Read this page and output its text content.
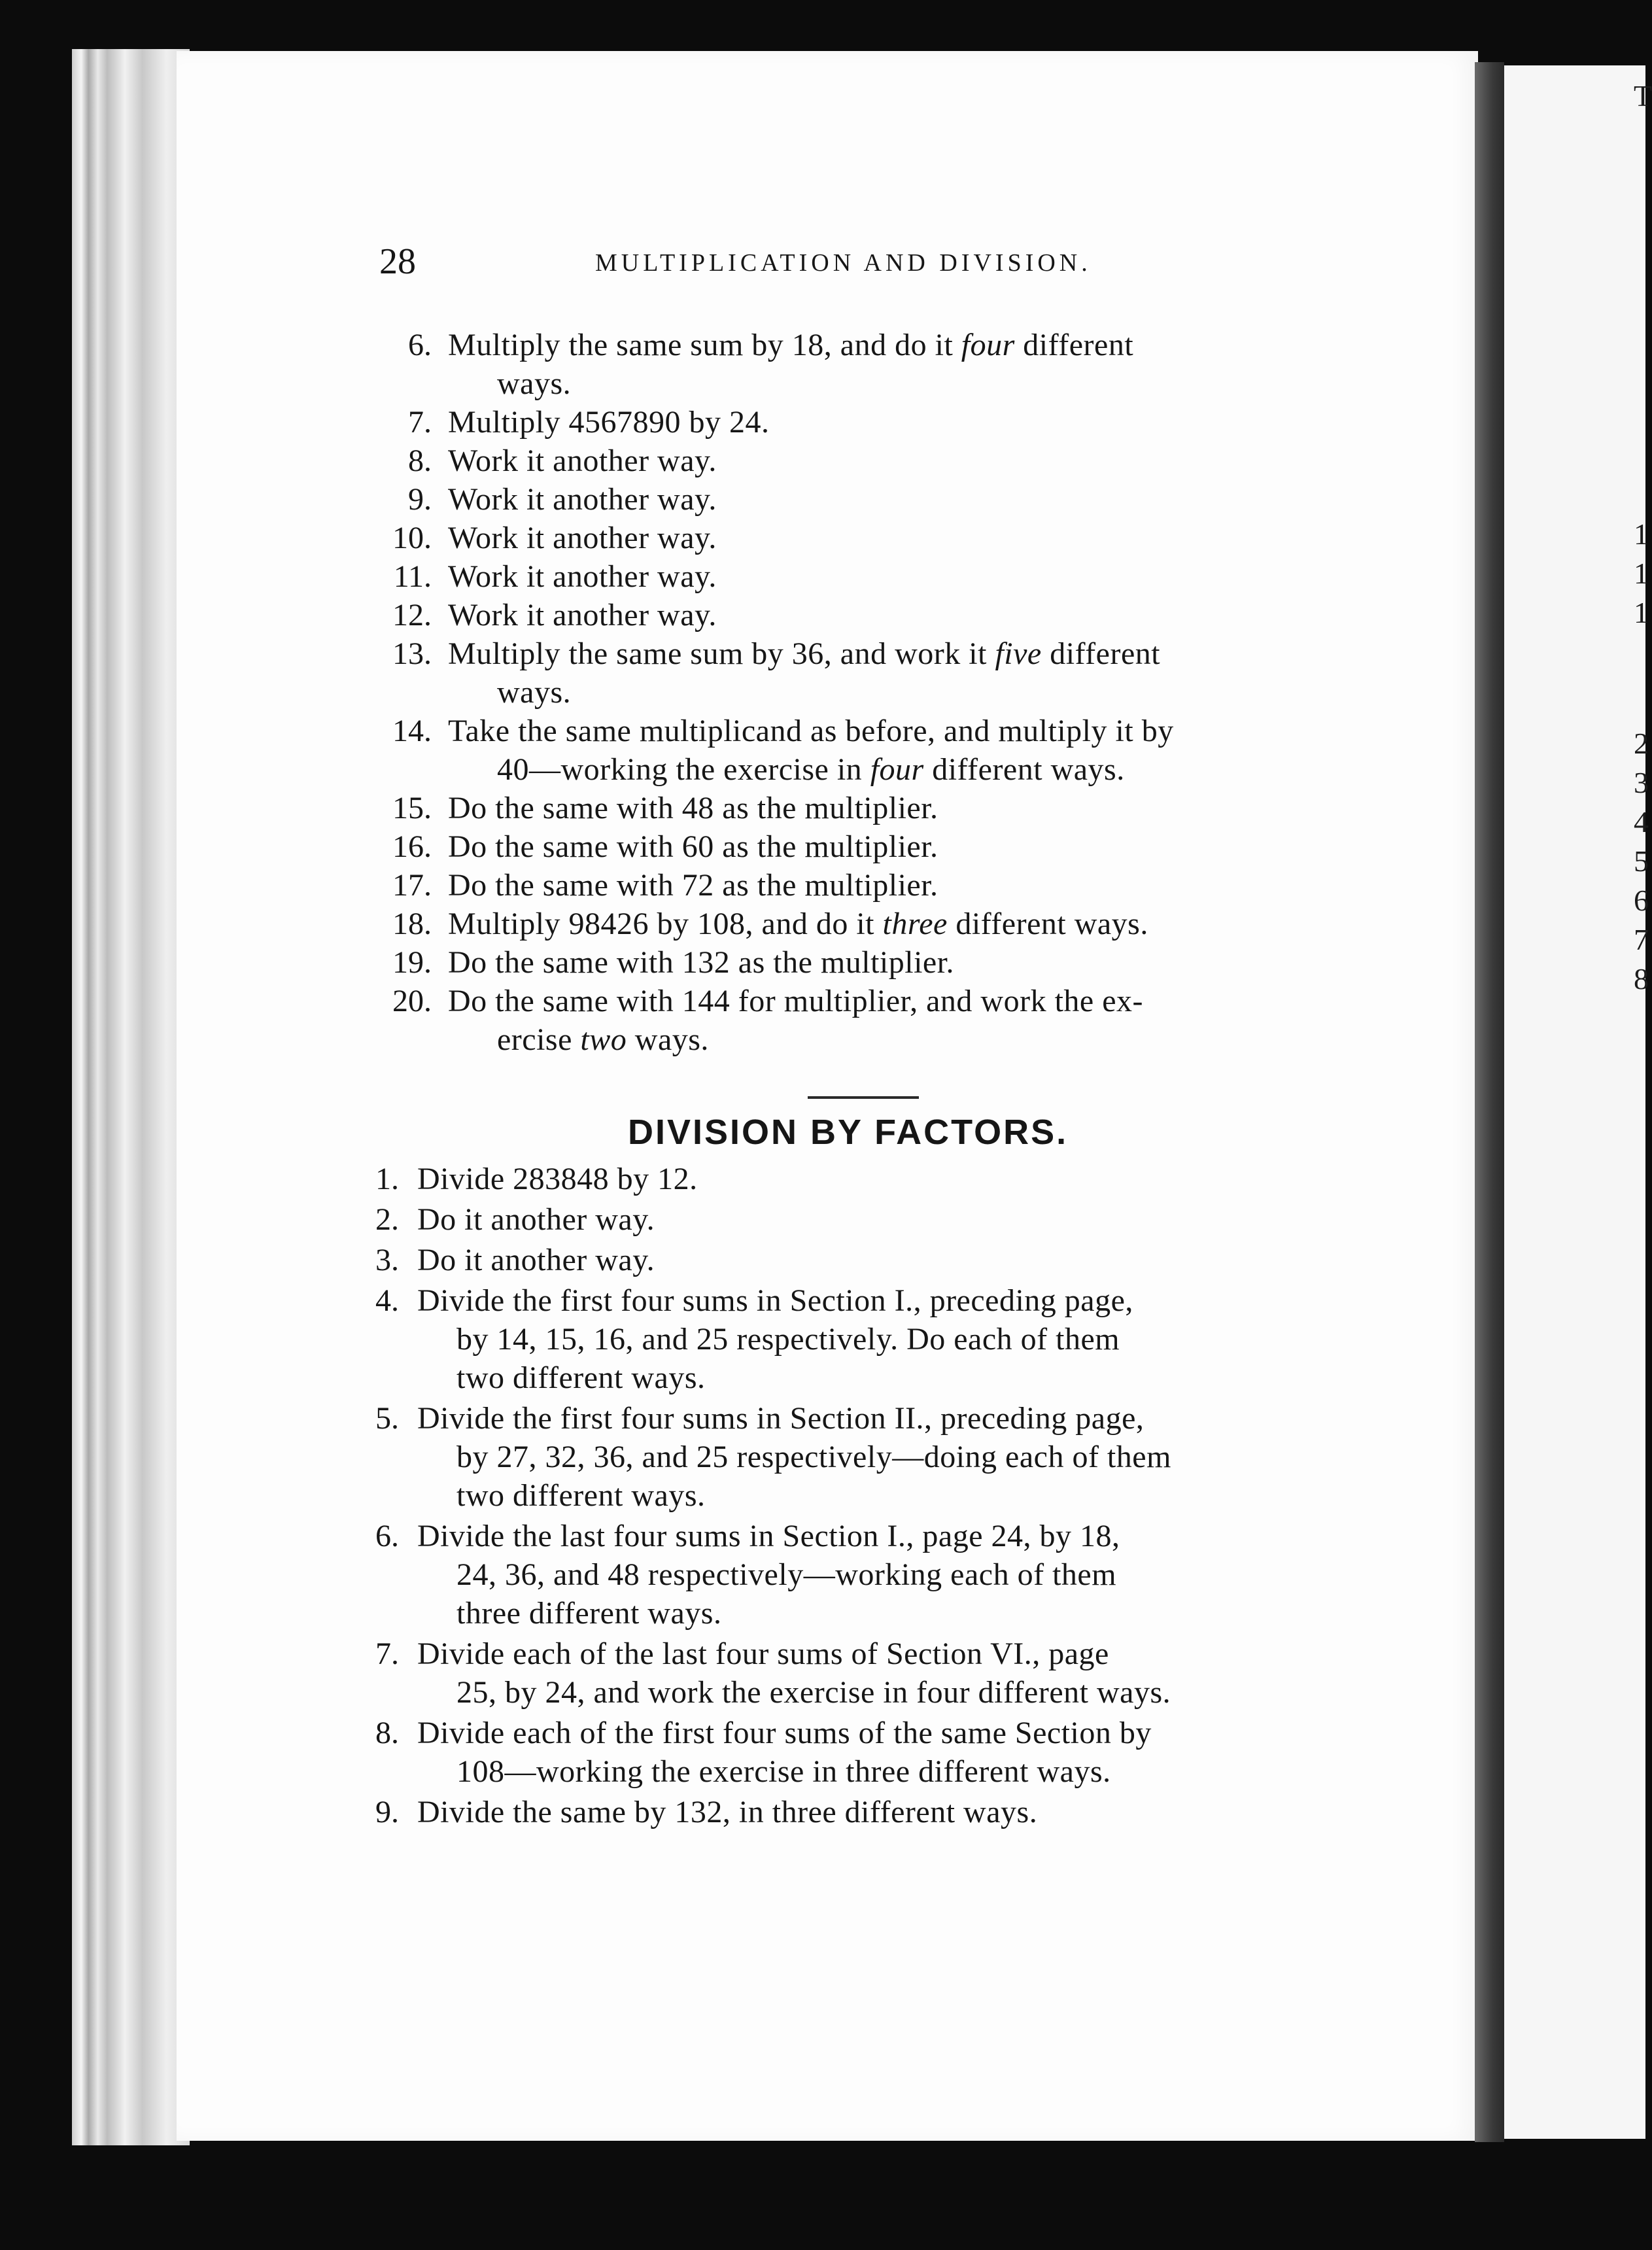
T
1
1
1
2
3
4
5
6
7
8
28	MULTIPLICATION AND DIVISION.
6. Multiply the same sum by 18, and do it four different
ways.
7. Multiply 4567890 by 24.
8. Work it another way.
9. Work it another way.
10. Work it another way.
11. Work it another way.
12. Work it another way.
13. Multiply the same sum by 36, and work it five different
ways.
14. Take the same multiplicand as before, and multiply it by
40—working the exercise in four different ways.
15. Do the same with 48 as the multiplier.
16. Do the same with 60 as the multiplier.
17. Do the same with 72 as the multiplier.
18. Multiply 98426 by 108, and do it three different ways.
19. Do the same with 132 as the multiplier.
20. Do the same with 144 for multiplier, and work the ex-
ercise two ways.
DIVISION BY FACTORS.
1. Divide 283848 by 12.
2. Do it another way.
3. Do it another way.
4. Divide the first four sums in Section I., preceding page,
by 14, 15, 16, and 25 respectively. Do each of them
two different ways.
5. Divide the first four sums in Section II., preceding page,
by 27, 32, 36, and 25 respectively—doing each of them
two different ways.
6. Divide the last four sums in Section I., page 24, by 18,
24, 36, and 48 respectively—working each of them
three different ways.
7. Divide each of the last four sums of Section VI., page
25, by 24, and work the exercise in four different ways.
8. Divide each of the first four sums of the same Section by
108—working the exercise in three different ways.
9. Divide the same by 132, in three different ways.
